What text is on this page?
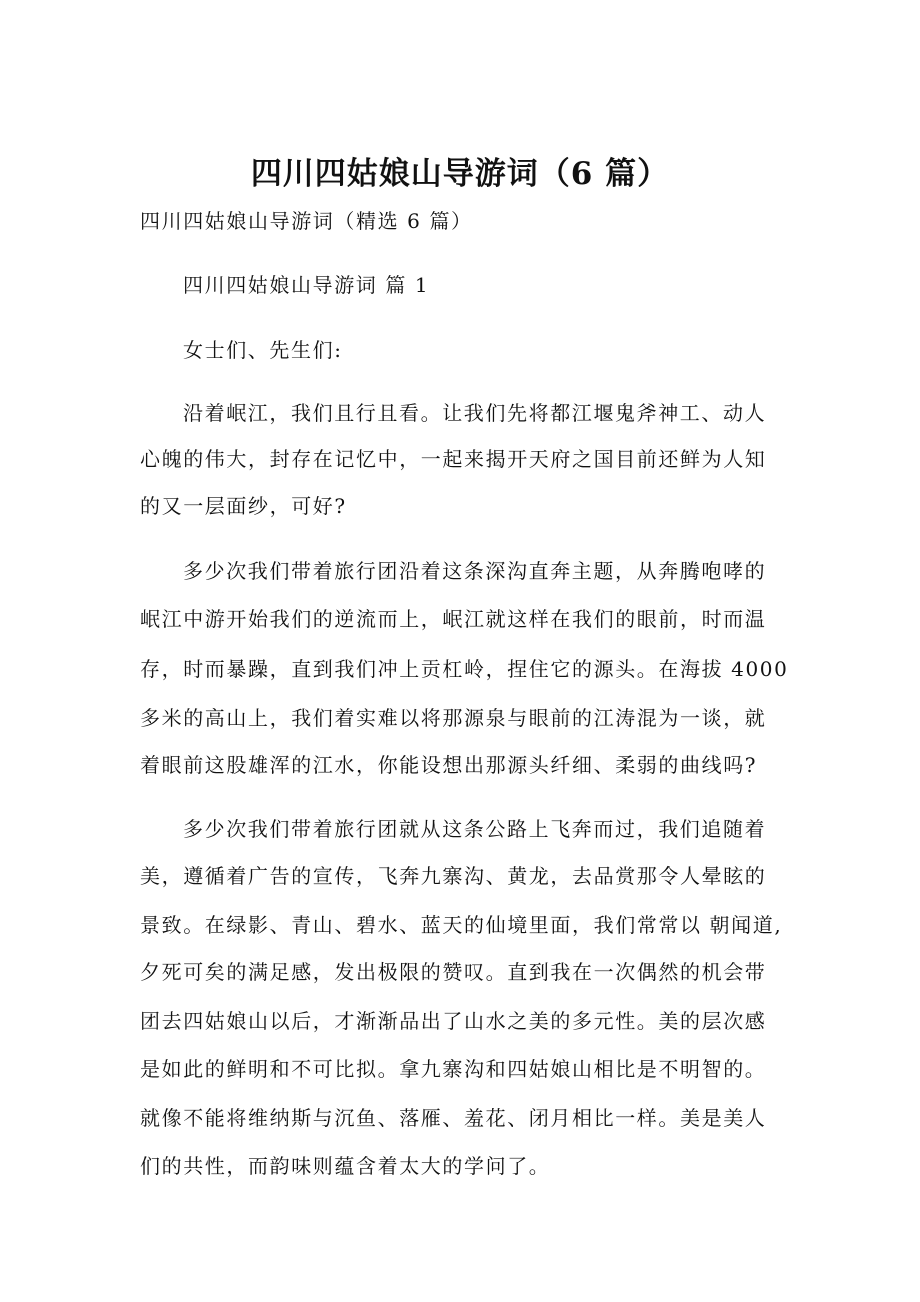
四川四姑娘山导游词（6 篇）
四川四姑娘山导游词（精选 6 篇）
四川四姑娘山导游词 篇 1
女士们、先生们:
沿着岷江，我们且行且看。让我们先将都江堰鬼斧神工、动人
心魄的伟大，封存在记忆中，一起来揭开天府之国目前还鲜为人知
的又一层面纱，可好?
多少次我们带着旅行团沿着这条深沟直奔主题，从奔腾咆哮的
岷江中游开始我们的逆流而上，岷江就这样在我们的眼前，时而温
存，时而暴躁，直到我们冲上贡杠岭，捏住它的源头。在海拔 4000
多米的高山上，我们着实难以将那源泉与眼前的江涛混为一谈，就
着眼前这股雄浑的江水，你能设想出那源头纤细、柔弱的曲线吗?
多少次我们带着旅行团就从这条公路上飞奔而过，我们追随着
美，遵循着广告的宣传，飞奔九寨沟、黄龙，去品赏那令人晕眩的
景致。在绿影、青山、碧水、蓝天的仙境里面，我们常常以 朝闻道,
夕死可矣的满足感，发出极限的赞叹。直到我在一次偶然的机会带
团去四姑娘山以后，才渐渐品出了山水之美的多元性。美的层次感
是如此的鲜明和不可比拟。拿九寨沟和四姑娘山相比是不明智的。
就像不能将维纳斯与沉鱼、落雁、羞花、闭月相比一样。美是美人
们的共性，而韵味则蕴含着太大的学问了。
